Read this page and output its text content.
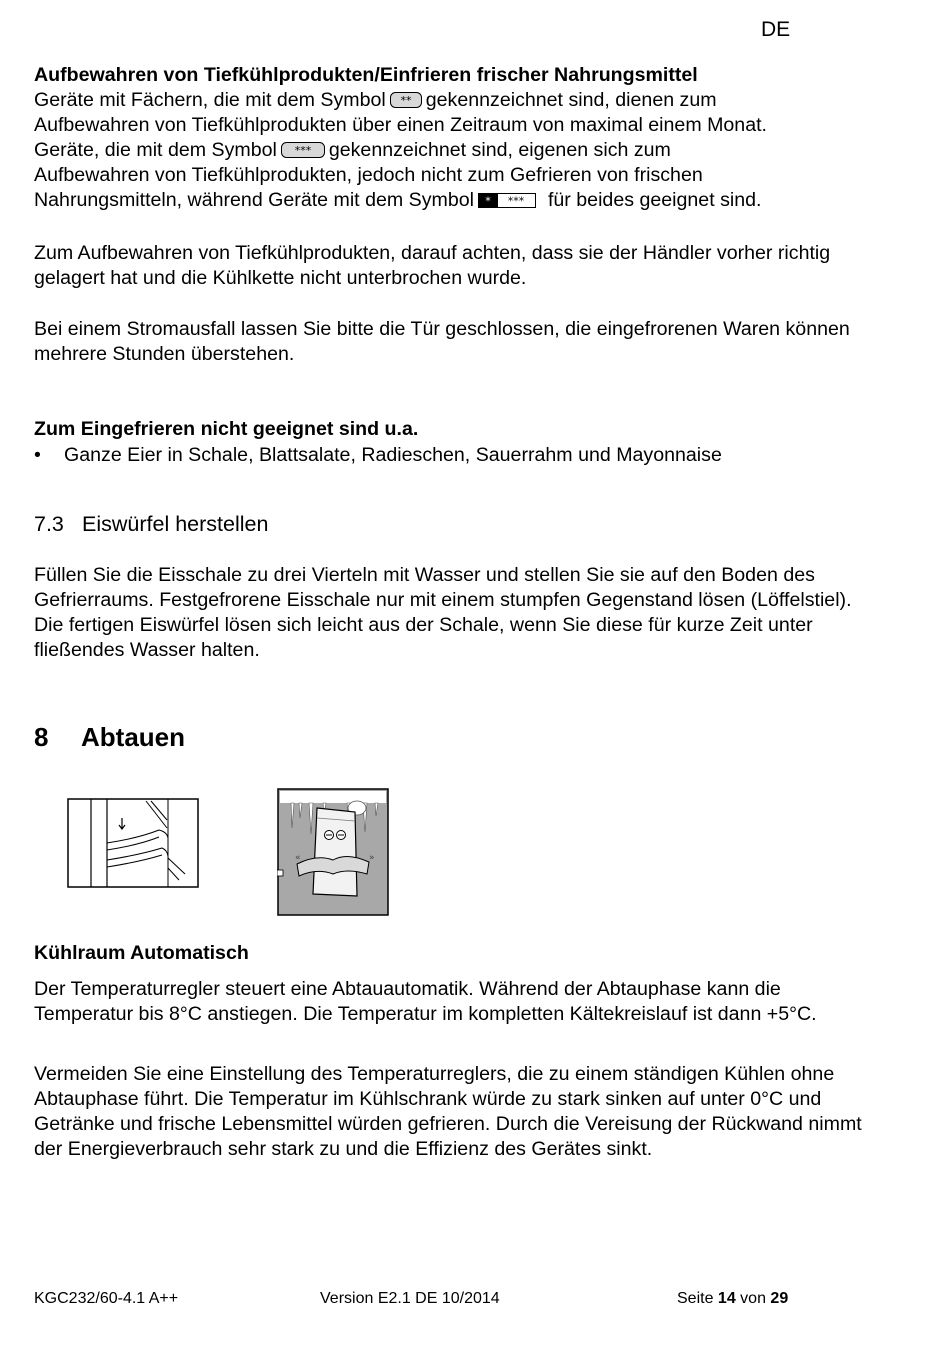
DE
Aufbewahren von Tiefkühlprodukten/Einfrieren frischer Nahrungsmittel
Geräte mit Fächern, die mit dem Symbol ** gekennzeichnet sind, dienen zum
Aufbewahren von Tiefkühlprodukten über einen Zeitraum von maximal einem Monat.
Geräte, die mit dem Symbol *** gekennzeichnet sind, eigenen sich zum
Aufbewahren von Tiefkühlprodukten, jedoch nicht zum Gefrieren von frischen
Nahrungsmitteln, während Geräte mit dem Symbol * *** für beides geeignet sind.

Zum Aufbewahren von Tiefkühlprodukten, darauf achten, dass sie der Händler vorher richtig gelagert hat und die Kühlkette nicht unterbrochen wurde.

Bei einem Stromausfall lassen Sie bitte die Tür geschlossen, die eingefrorenen Waren können mehrere Stunden überstehen.

Zum Eingefrieren nicht geeignet sind u.a.
• Ganze Eier in Schale, Blattsalate, Radieschen, Sauerrahm und Mayonnaise
7.3 Eiswürfel herstellen

Füllen Sie die Eisschale zu drei Vierteln mit Wasser und stellen Sie sie auf den Boden des Gefrierraums. Festgefrorene Eisschale nur mit einem stumpfen Gegenstand lösen (Löffelstiel). Die fertigen Eiswürfel lösen sich leicht aus der Schale, wenn Sie diese für kurze Zeit unter fließendes Wasser halten.

8 Abtauen
«	»
Kühlraum Automatisch

Der Temperaturregler steuert eine Abtauautomatik. Während der Abtauphase kann die Temperatur bis 8°C anstiegen. Die Temperatur im kompletten Kältekreislauf ist dann +5°C.

Vermeiden Sie eine Einstellung des Temperaturreglers, die zu einem ständigen Kühlen ohne Abtauphase führt. Die Temperatur im Kühlschrank würde zu stark sinken auf unter 0°C und Getränke und frische Lebensmittel würden gefrieren. Durch die Vereisung der Rückwand nimmt der Energieverbrauch sehr stark zu und die Effizienz des Gerätes sinkt.

KGC232/60-4.1 A++	Version E2.1 DE 10/2014	Seite 14 von 29
